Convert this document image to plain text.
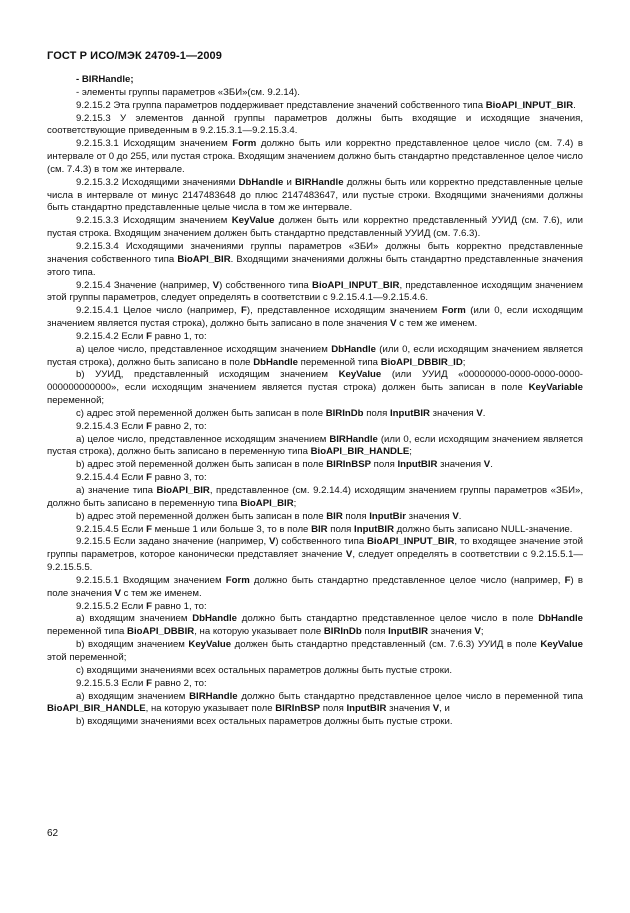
ГОСТ Р ИСО/МЭК 24709-1—2009

- BIRHandle;

- элементы группы параметров «ЗБИ»(см. 9.2.14).

9.2.15.2 Эта группа параметров поддерживает представление значений собственного типа BioAPI_INPUT_BIR.

9.2.15.3 У элементов данной группы параметров должны быть входящие и исходящие значения, соответствующие приведенным в 9.2.15.3.1—9.2.15.3.4.

9.2.15.3.1 Исходящим значением Form должно быть или корректно представленное целое число (см. 7.4) в интервале от 0 до 255, или пустая строка. Входящим значением должно быть стандартно представленное целое число (см. 7.4.3) в том же интервале.

9.2.15.3.2 Исходящими значениями DbHandle и BIRHandle должны быть или корректно представленные целые числа в интервале от минус 2147483648 до плюс 2147483647, или пустые строки. Входящими значениями должны быть стандартно представленные целые числа в том же интервале.

9.2.15.3.3 Исходящим значением KeyValue должен быть или корректно представленный УУИД (см. 7.6), или пустая строка. Входящим значением должен быть стандартно представленный УУИД (см. 7.6.3).

9.2.15.3.4 Исходящими значениями группы параметров «ЗБИ» должны быть корректно представленные значения собственного типа BioAPI_BIR. Входящими значениями должны быть стандартно представленные значения этого типа.

9.2.15.4 Значение (например, V) собственного типа BioAPI_INPUT_BIR, представленное исходящим значением этой группы параметров, следует определять в соответствии с 9.2.15.4.1—9.2.15.4.6.

9.2.15.4.1 Целое число (например, F), представленное исходящим значением Form (или 0, если исходящим значением является пустая строка), должно быть записано в поле значения V с тем же именем.

9.2.15.4.2 Если F равно 1, то:

а) целое число, представленное исходящим значением DbHandle (или 0, если исходящим значением является пустая строка), должно быть записано в поле DbHandle переменной типа BioAPI_DBBIR_ID;

b) УУИД, представленный исходящим значением KeyValue (или УУИД «00000000-0000-0000-0000-000000000000», если исходящим значением является пустая строка) должен быть записан в поле KeyVariable переменной;

c) адрес этой переменной должен быть записан в поле BIRInDb поля InputBIR значения V.

9.2.15.4.3 Если F равно 2, то:

а) целое число, представленное исходящим значением BIRHandle (или 0, если исходящим значением является пустая строка), должно быть записано в переменную типа BioAPI_BIR_HANDLE;

b) адрес этой переменной должен быть записан в поле BIRInBSP поля InputBIR значения V.

9.2.15.4.4 Если F равно 3, то:

а) значение типа BioAPI_BIR, представленное (см. 9.2.14.4) исходящим значением группы параметров «ЗБИ», должно быть записано в переменную типа BioAPI_BIR;

b) адрес этой переменной должен быть записан в поле BIR поля InputBir значения V.

9.2.15.4.5 Если F меньше 1 или больше 3, то в поле BIR поля InputBIR должно быть записано NULL-значение.

9.2.15.5 Если задано значение (например, V) собственного типа BioAPI_INPUT_BIR, то входящее значение этой группы параметров, которое канонически представляет значение V, следует определять в соответствии с 9.2.15.5.1—9.2.15.5.5.

9.2.15.5.1 Входящим значением Form должно быть стандартно представленное целое число (например, F) в поле значения V с тем же именем.

9.2.15.5.2 Если F равно 1, то:

а) входящим значением DbHandle должно быть стандартно представленное целое число в поле DbHandle переменной типа BioAPI_DBBIR, на которую указывает поле BIRInDb поля InputBIR значения V;

b) входящим значением KeyValue должен быть стандартно представленный (см. 7.6.3) УУИД в поле KeyValue этой переменной;

c) входящими значениями всех остальных параметров должны быть пустые строки.

9.2.15.5.3 Если F равно 2, то:

а) входящим значением BIRHandle должно быть стандартно представленное целое число в переменной типа BioAPI_BIR_HANDLE, на которую указывает поле BIRInBSP поля InputBIR значения V, и

b) входящими значениями всех остальных параметров должны быть пустые строки.

62
